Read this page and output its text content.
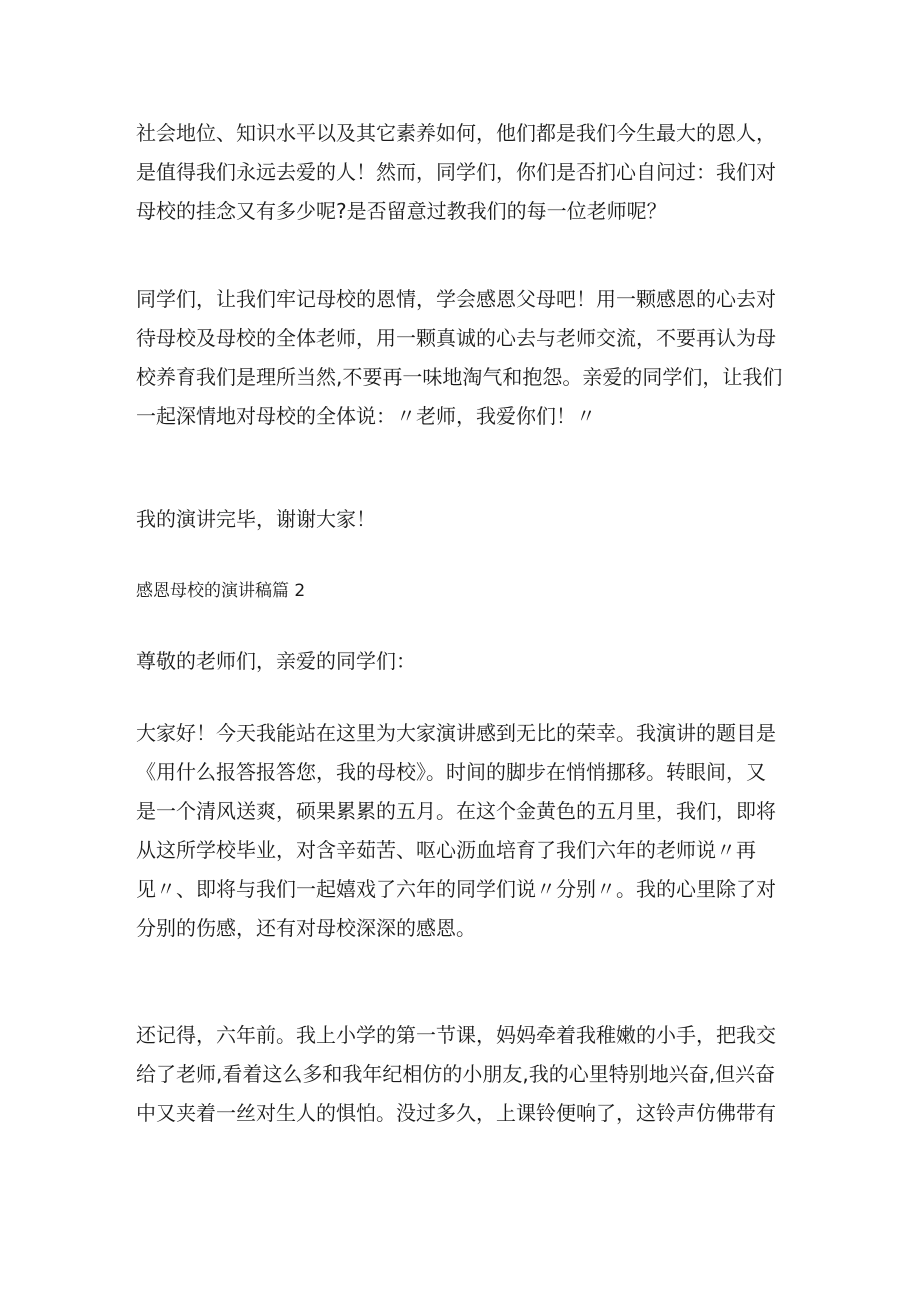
社会地位、知识水平以及其它素养如何，他们都是我们今生最大的恩人，
是值得我们永远去爱的人！然而，同学们，你们是否扪心自问过：我们对
母校的挂念又有多少呢?是否留意过教我们的每一位老师呢？
同学们，让我们牢记母校的恩情，学会感恩父母吧！用一颗感恩的心去对
待母校及母校的全体老师，用一颗真诚的心去与老师交流，不要再认为母
校养育我们是理所当然,不要再一味地淘气和抱怨。亲爱的同学们，让我们
一起深情地对母校的全体说：〃老师，我爱你们！〃
我的演讲完毕，谢谢大家！
感恩母校的演讲稿篇 2
尊敬的老师们，亲爱的同学们：
大家好！今天我能站在这里为大家演讲感到无比的荣幸。我演讲的题目是
《用什么报答报答您，我的母校》。时间的脚步在悄悄挪移。转眼间，又
是一个清风送爽，硕果累累的五月。在这个金黄色的五月里，我们，即将
从这所学校毕业，对含辛茹苦、呕心沥血培育了我们六年的老师说〃再
见〃、即将与我们一起嬉戏了六年的同学们说〃分别〃。我的心里除了对
分别的伤感，还有对母校深深的感恩。
还记得，六年前。我上小学的第一节课，妈妈牵着我稚嫩的小手，把我交
给了老师,看着这么多和我年纪相仿的小朋友,我的心里特别地兴奋,但兴奋
中又夹着一丝对生人的惧怕。没过多久，上课铃便响了，这铃声仿佛带有
